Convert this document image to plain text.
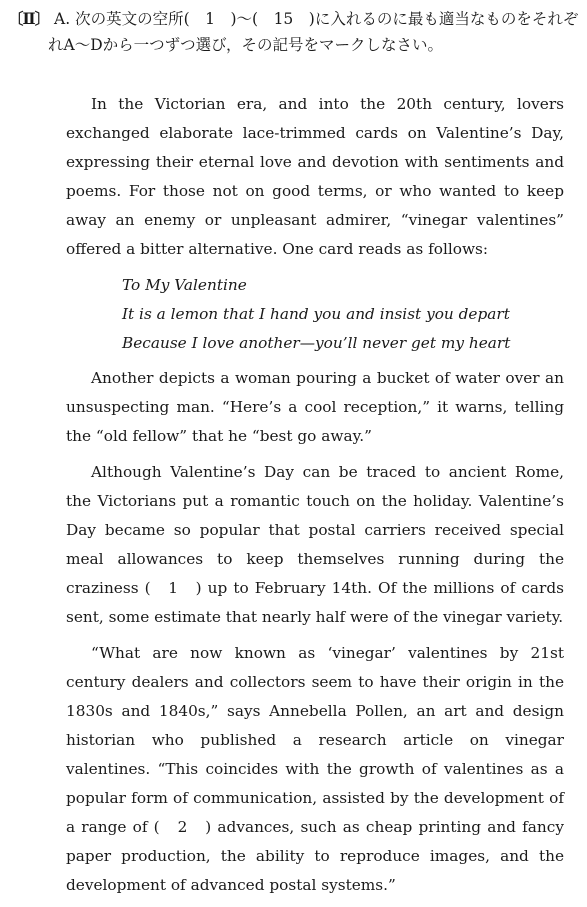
〔Ⅱ〕 A. 次の英文の空所(　1　)〜(　15　)に入れるのに最も適当なものをそれぞ
れA〜Dから一つずつ選び，その記号をマークしなさい。

In the Victorian era, and into the 20th century, lovers exchanged elaborate lace-trimmed cards on Valentine’s Day, expressing their eternal love and devotion with sentiments and poems. For those not on good terms, or who wanted to keep away an enemy or unpleasant admirer, “vinegar valentines” offered a bitter alternative. One card reads as follows:

To My Valentine
It is a lemon that I hand you and insist you depart
Because I love another—you’ll never get my heart

Another depicts a woman pouring a bucket of water over an unsuspecting man. “Here’s a cool reception,” it warns, telling the “old fellow” that he “best go away.”

Although Valentine’s Day can be traced to ancient Rome, the Victorians put a romantic touch on the holiday. Valentine’s Day became so popular that postal carriers received special meal allowances to keep themselves running during the craziness (　1　) up to February 14th. Of the millions of cards sent, some estimate that nearly half were of the vinegar variety.

“What are now known as ‘vinegar’ valentines by 21st century dealers and collectors seem to have their origin in the 1830s and 1840s,” says Annebella Pollen, an art and design historian who published a research article on vinegar valentines. “This coincides with the growth of valentines as a popular form of communication, assisted by the development of a range of (　2　) advances, such as cheap printing and fancy paper production, the ability to reproduce images, and the development of advanced postal systems.”
